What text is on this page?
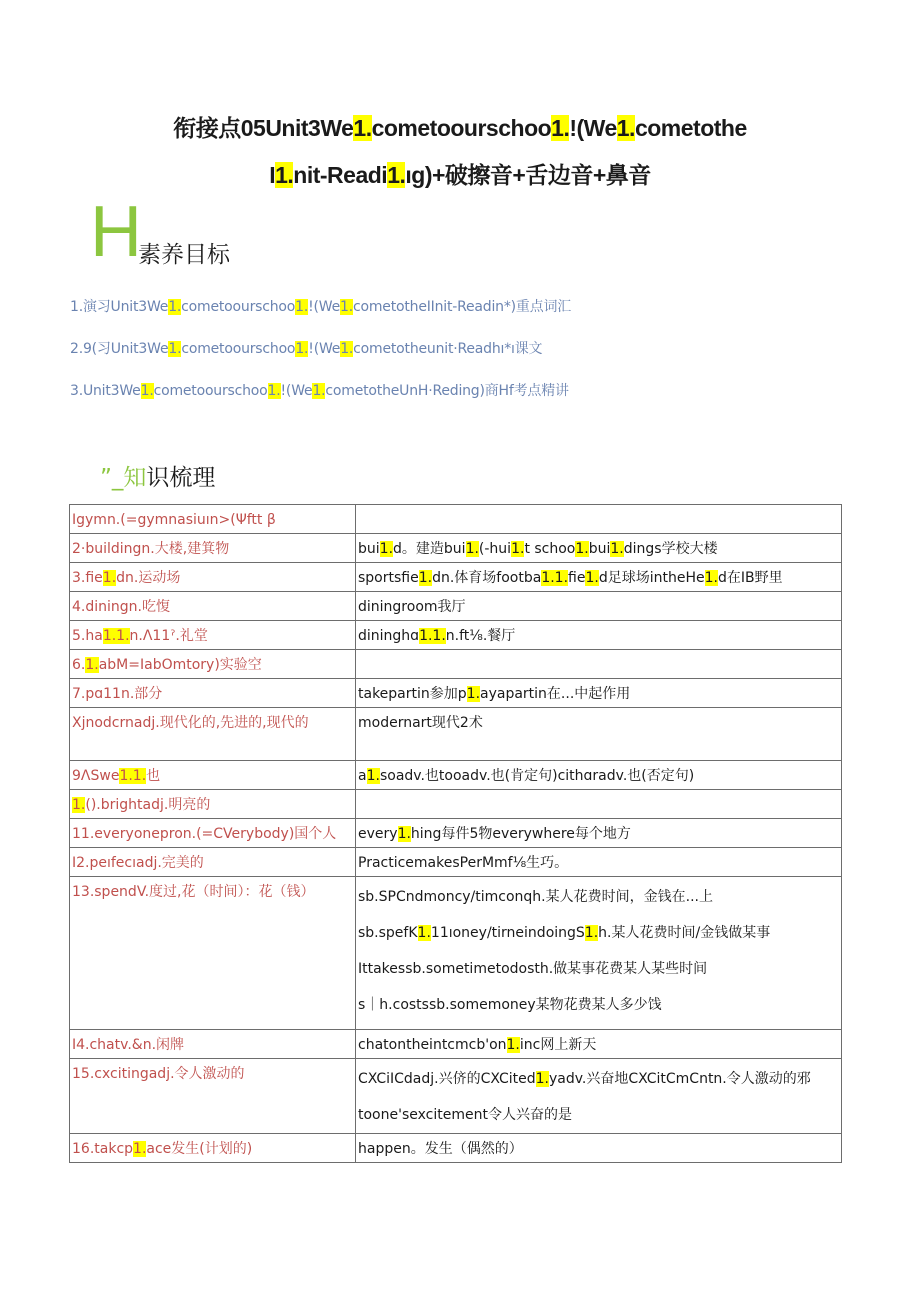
衔接点05Unit3We1.cometoourschoo1.!(We1.cometothe
I1.nit-Readi1.ıg)+破擦音+舌边音+鼻音
H
素养目标
1.演习Unit3We1.cometoourschoo1.!(We1.cometotheIInit-Readin*)重点词汇
2.9(习Unit3We1.cometoourschoo1.!(We1.cometotheunit·Readhı*ı课文
3.Unit3We1.cometoourschoo1.!(We1.cometotheUnH·Reding)商Hf考点精讲
”_知识梳理
Igymn.(=gymnasiuın>(Ψftt β	
2·buildingn.大楼,建箕物	bui1.d。建造bui1.(-hui1.t schoo1.bui1.dings学校大楼
3.fie1.dn.运动场	sportsfie1.dn.体育场footba1.1.fie1.d足球场intheHe1.d在IB野里
4.diningn.吃愎	diningroom我厅
5.ha1.1.n.Λ11ˀ.礼堂	dininghɑ1.1.n.ft⅛.餐厅
6.1.abM=IabOmtory)实验空	
7.pɑ11n.部分	takepartin参加p1.ayapartin在...中起作用
Xjnodcrnadj.现代化的,先进的,现代的	modernart现代2术
9ΛSwe1.1.也	a1.soadv.也tooadv.也(肯定句)cithɑradv.也(否定句)
1.().brightadj.明亮的	
11.everyonepron.(=CVerybody)国个人	every1.hing每件5物everywhere每个地方
I2.peıfecıadj.完美的	PracticemakesPerMmf⅛生巧。
13.spendV.度过,花（时间）：花（钱）	sb.SPCndmoncy/timconqh.某人花费时间，金钱在...上
sb.spefK1.11ıoney/tirneindoingS1.h.某人花费时间/金钱做某事
Ittakessb.sometimetodosth.做某事花费某人某些时间
s｜h.costssb.somemoney某物花费某人多少饯

I4.chatv.&n.闲牌	chatontheintcmcb'on1.inc网上新天
15.cxcitingadj.令人激动的	CXCiICdadj.兴侪的CXCited1.yadv.兴奋地CXCitCmCntn.令人激动的邪
toone'sexcitement令人兴奋的是

16.takcp1.ace发生(计划的)	happen。发生（偶然的）
